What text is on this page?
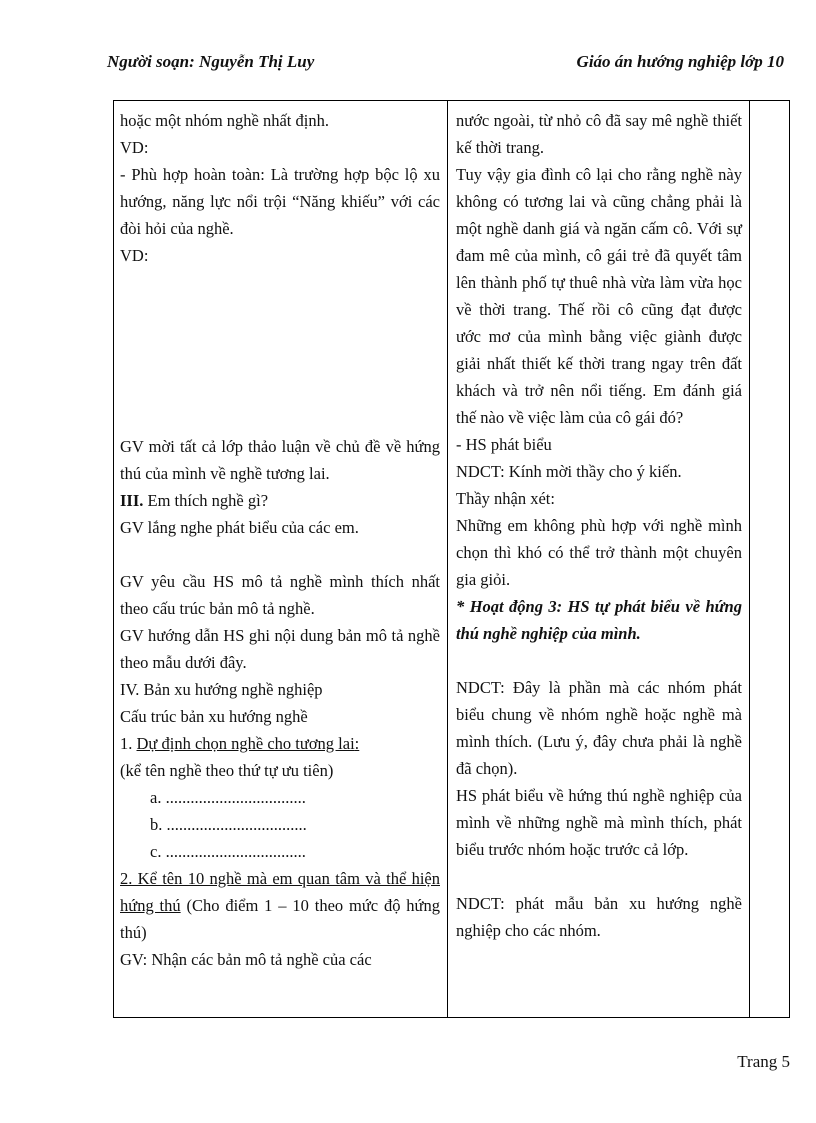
Người soạn: Nguyễn Thị Luy	Giáo án hướng nghiệp lớp 10

hoặc một nhóm nghề nhất định.

VD:

- Phù hợp hoàn toàn: Là trường hợp bộc lộ xu hướng, năng lực nổi trội “Năng khiếu” với các đòi hỏi của nghề.

VD:

GV mời tất cả lớp thảo luận về chủ đề về hứng thú của mình về nghề tương lai.

III. Em thích nghề gì?

GV lắng nghe phát biểu của các em.

GV yêu cầu HS mô tả nghề mình thích nhất theo cấu trúc bản mô tả nghề.

GV hướng dẫn HS ghi nội dung bản mô tả nghề theo mẫu dưới đây.

IV. Bản xu hướng nghề nghiệp

Cấu trúc bản xu hướng nghề

1. Dự định chọn nghề cho tương lai:

(kể tên nghề theo thứ tự ưu tiên)

a. ..................................

b. ..................................

c. ..................................

2. Kể tên 10 nghề mà em quan tâm và thể hiện hứng thú (Cho điểm 1 – 10 theo mức độ hứng thú)

GV: Nhận các bản mô tả nghề của các

nước ngoài, từ nhỏ cô đã say mê nghề thiết kế thời trang.

Tuy vậy gia đình cô lại cho rằng nghề này không có tương lai và cũng chẳng phải là một nghề danh giá và ngăn cấm cô. Với sự đam mê của mình, cô gái trẻ đã quyết tâm lên thành phố tự thuê nhà vừa làm vừa học về thời trang. Thế rồi cô cũng đạt được ước mơ của mình bằng việc giành được giải nhất thiết kế thời trang ngay trên đất khách và trở nên nổi tiếng. Em đánh giá thế nào về việc làm của cô gái đó?

- HS phát biểu

NDCT: Kính mời thầy cho ý kiến.

Thầy nhận xét:

Những em không phù hợp với nghề mình chọn thì khó có thể trở thành một chuyên gia giỏi.

* Hoạt động 3: HS tự phát biểu về hứng thú nghề nghiệp của mình.

NDCT: Đây là phần mà các nhóm phát biểu chung về nhóm nghề hoặc nghề mà mình thích. (Lưu ý, đây chưa phải là nghề đã chọn).

HS phát biểu về hứng thú nghề nghiệp của mình về những nghề mà mình thích, phát biểu trước nhóm hoặc trước cả lớp.

NDCT: phát mẫu bản xu hướng nghề nghiệp cho các nhóm.

Trang 5
